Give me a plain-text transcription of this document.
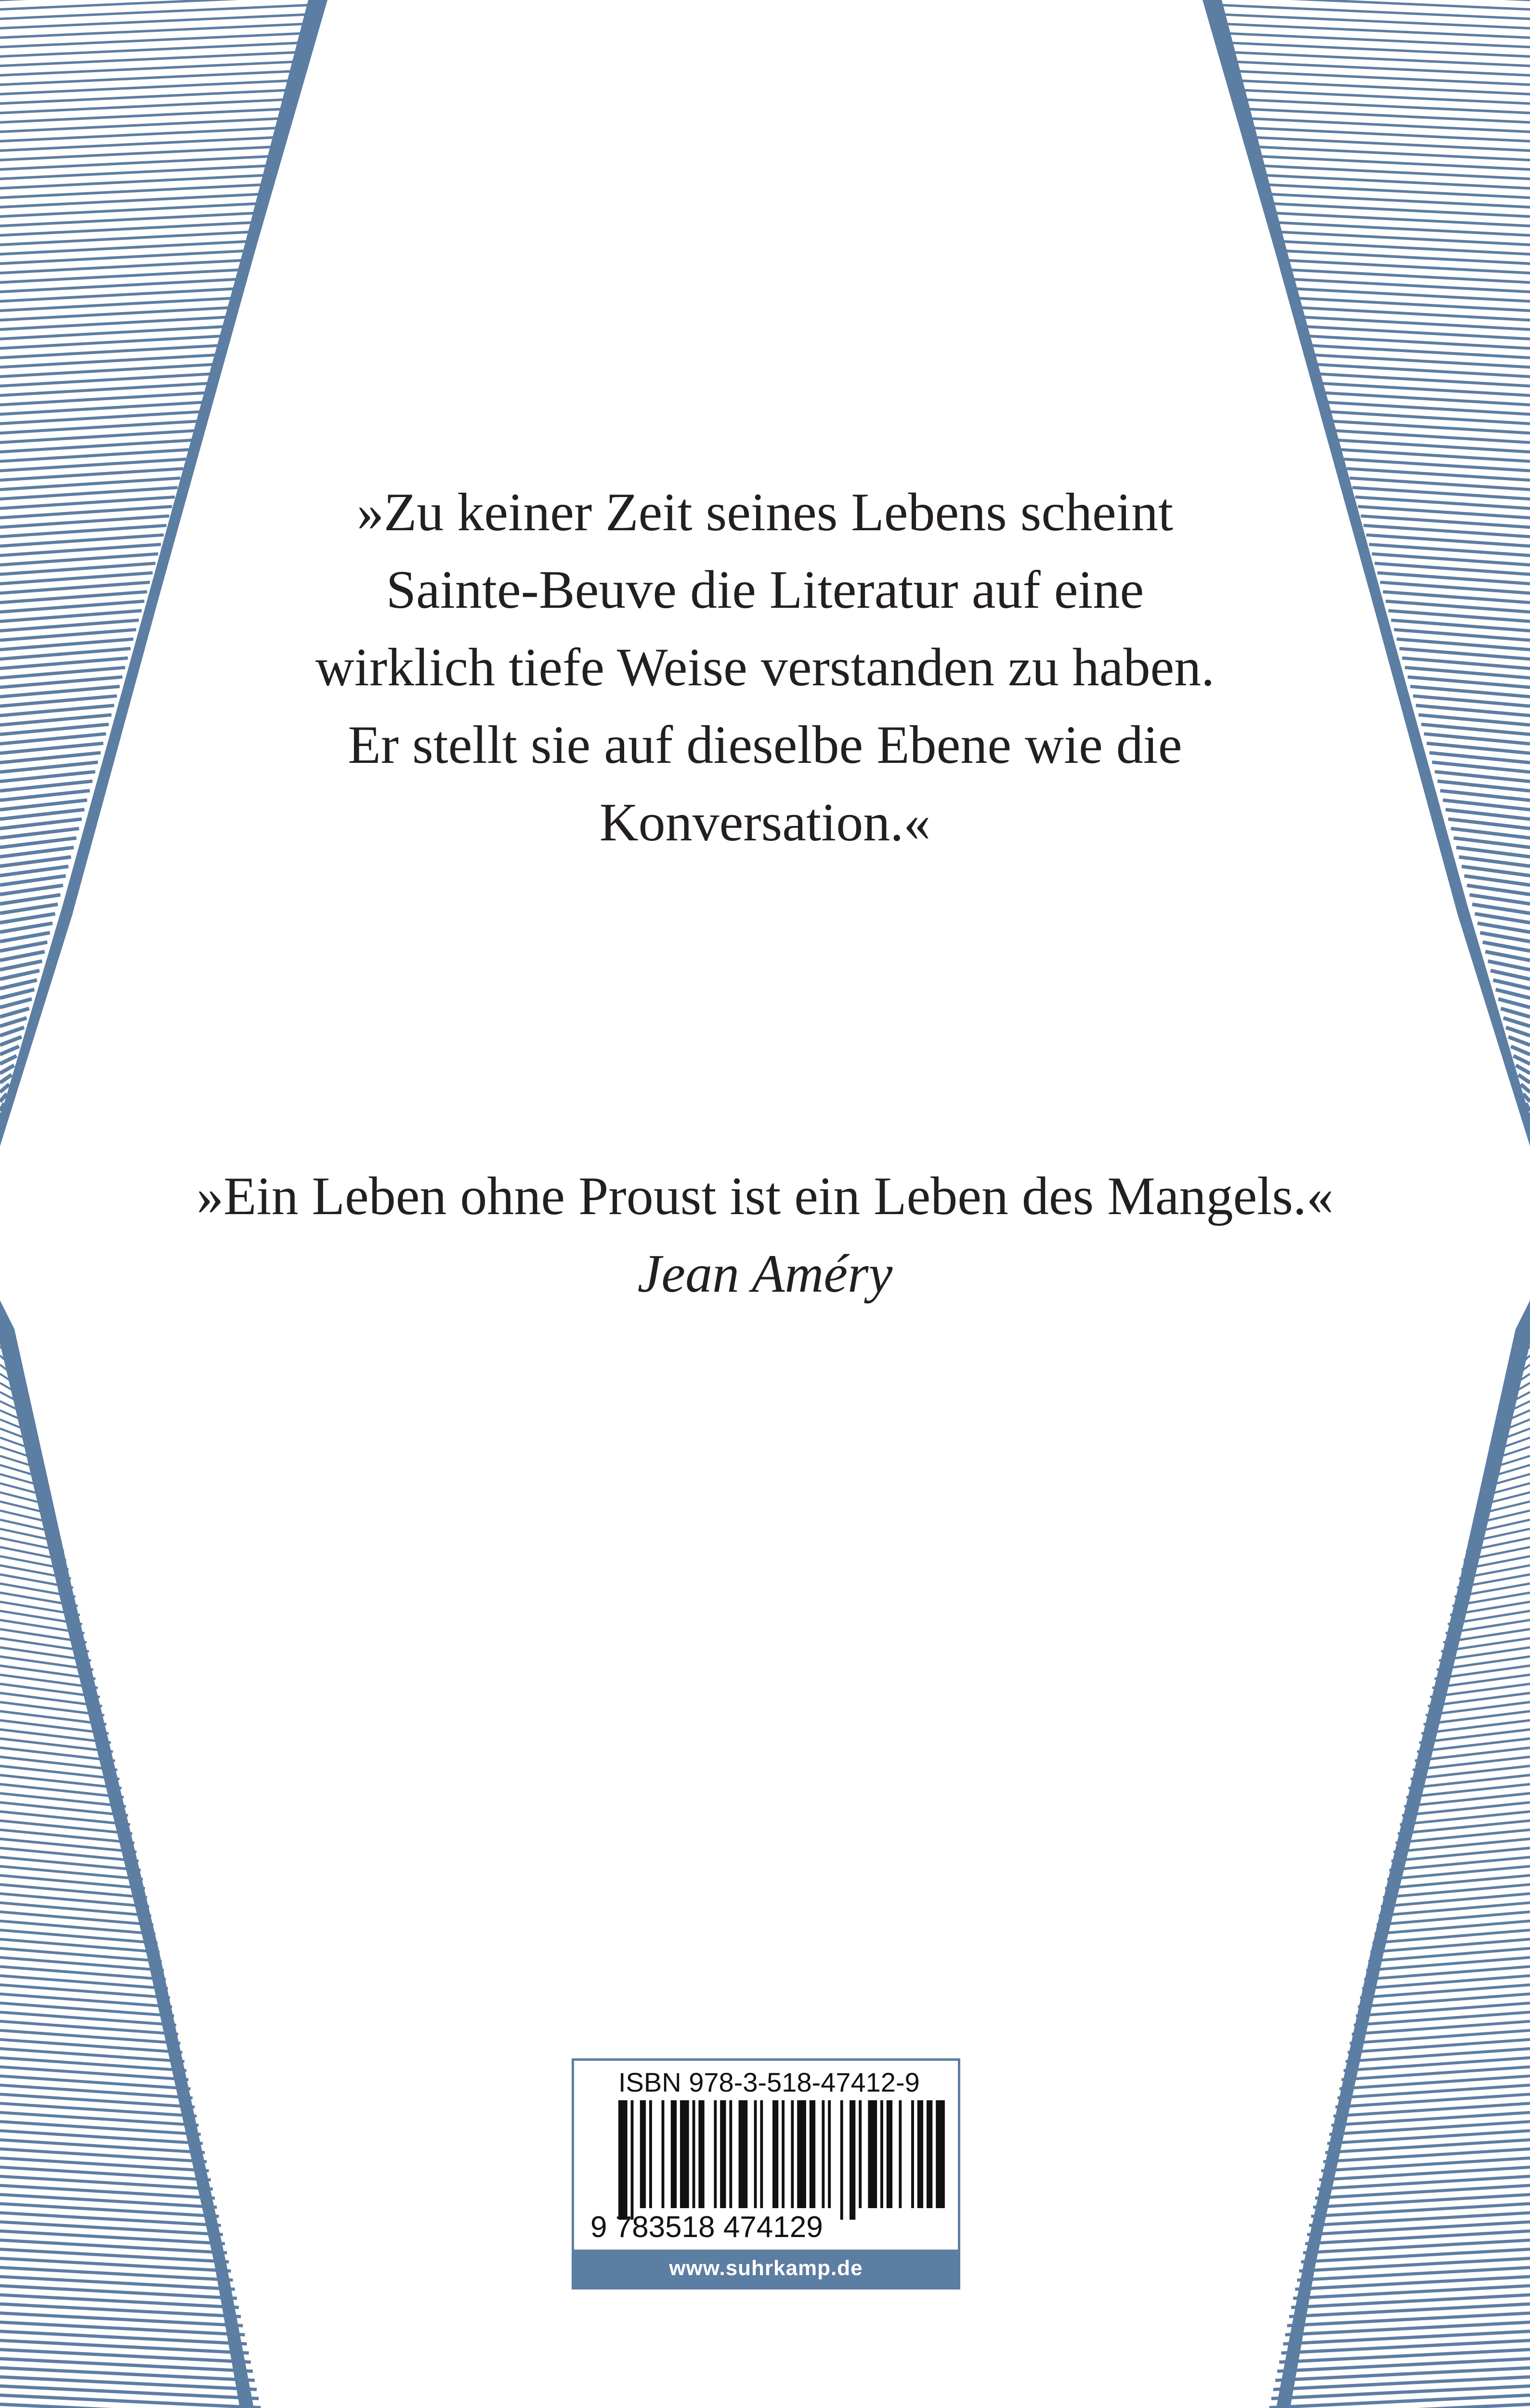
»Zu keiner Zeit seines Lebens scheint

Sainte-Beuve die Literatur auf eine

wirklich tiefe Weise verstanden zu haben.

Er stellt sie auf dieselbe Ebene wie die

Konversation.«

»Ein Leben ohne Proust ist ein Leben des Mangels.«

Jean Améry

ISBN 978-3-518-47412-9
9 783518 474129
www.suhrkamp.de
